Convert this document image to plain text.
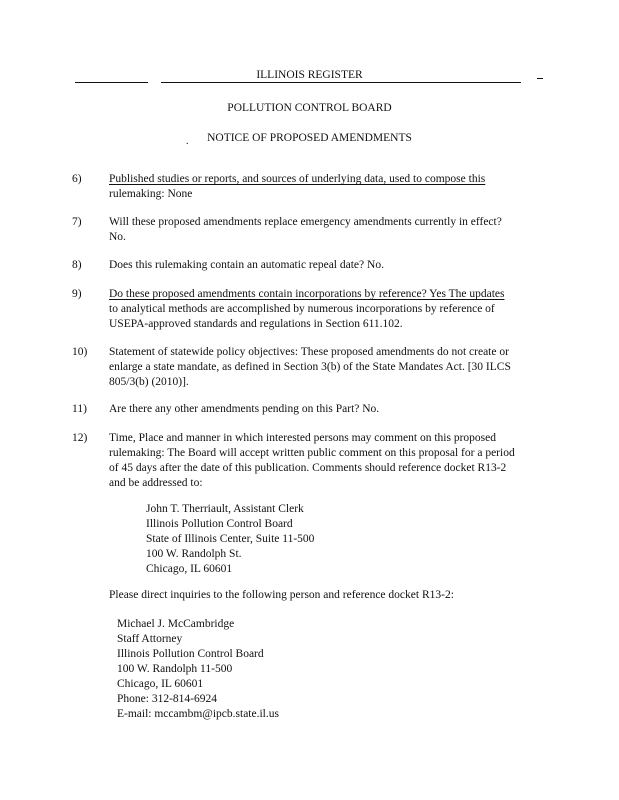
ILLINOIS REGISTER
POLLUTION CONTROL BOARD
.	NOTICE OF PROPOSED AMENDMENTS
6)	Published studies or reports, and sources of underlying data, used to compose this
rulemaking: None
7)	Will these proposed amendments replace emergency amendments currently in effect?
No.
8)	Does this rulemaking contain an automatic repeal date? No.
9)	Do these proposed amendments contain incorporations by reference? Yes The updates
to analytical methods are accomplished by numerous incorporations by reference of
USEPA-approved standards and regulations in Section 611.102.
10)	Statement of statewide policy objectives: These proposed amendments do not create or
enlarge a state mandate, as defined in Section 3(b) of the State Mandates Act. [30 ILCS
805/3(b) (2010)].
11)	Are there any other amendments pending on this Part? No.
12)	Time, Place and manner in which interested persons may comment on this proposed
rulemaking: The Board will accept written public comment on this proposal for a period
of 45 days after the date of this publication. Comments should reference docket R13-2
and be addressed to:
John T. Therriault, Assistant Clerk
Illinois Pollution Control Board
State of Illinois Center, Suite 11-500
100 W. Randolph St.
Chicago, IL 60601
Please direct inquiries to the following person and reference docket R13-2:
Michael J. McCambridge
Staff Attorney
Illinois Pollution Control Board
100 W. Randolph 11-500
Chicago, IL 60601
Phone: 312-814-6924
E-mail: mccambm@ipcb.state.il.us
